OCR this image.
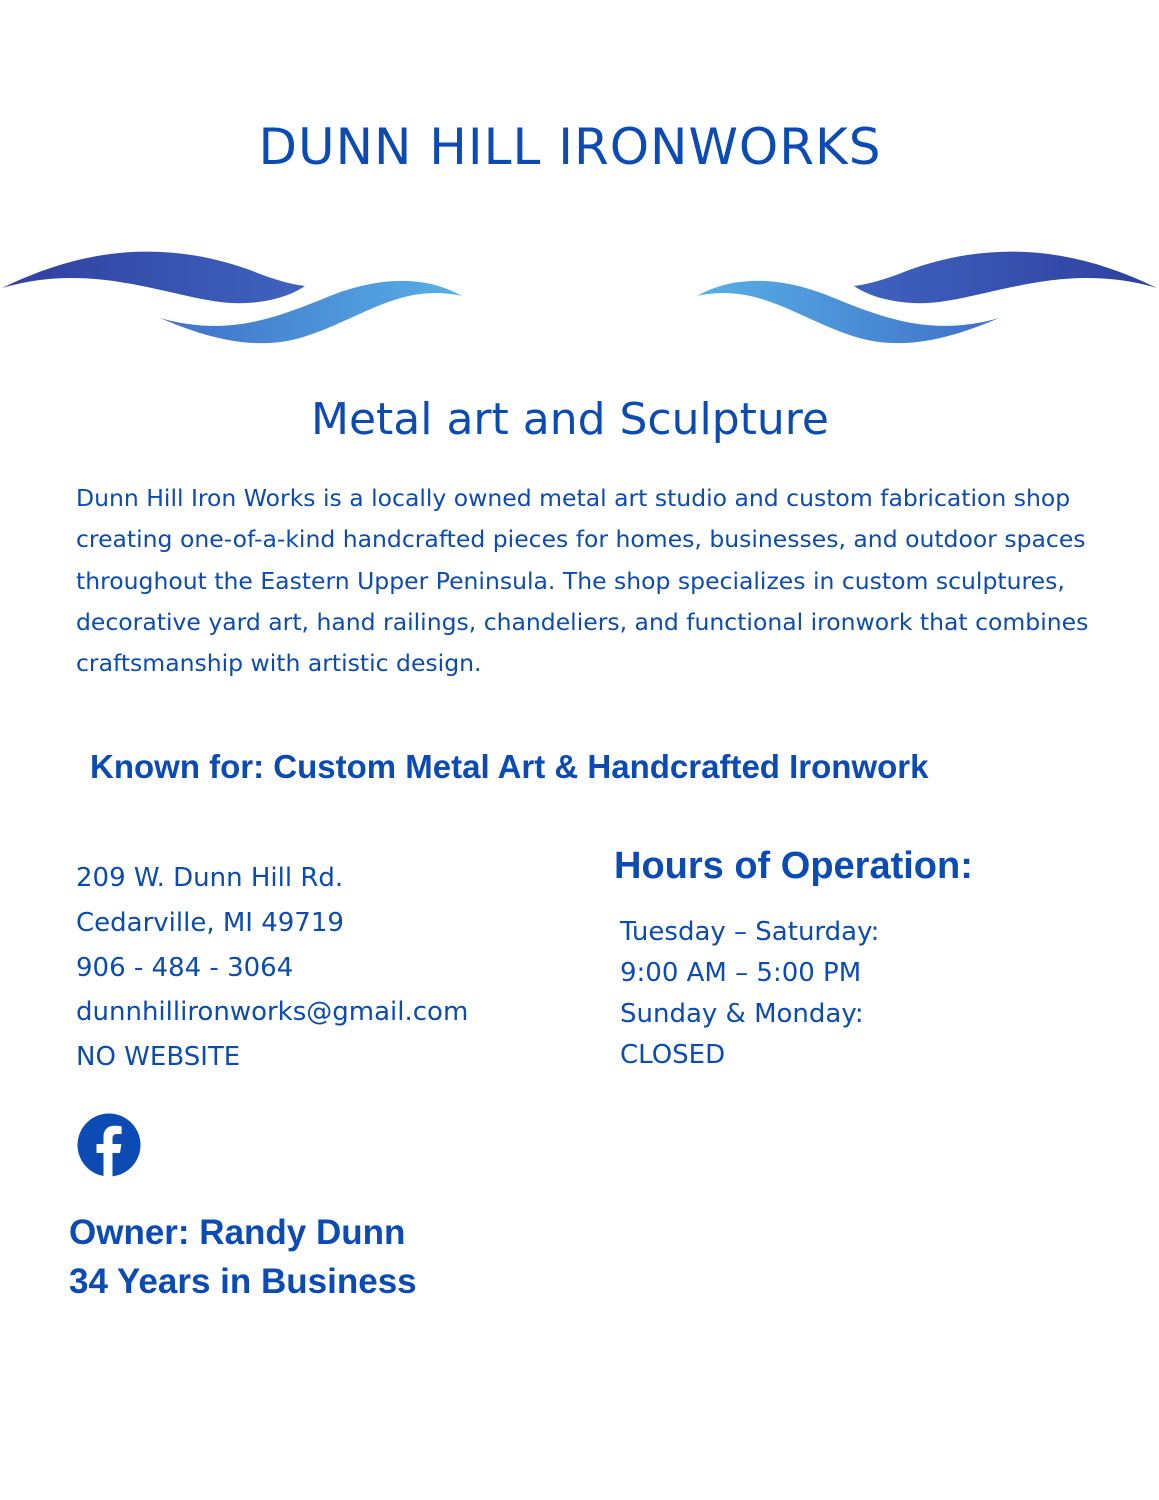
DUNN HILL IRONWORKS
Metal art and Sculpture
Dunn Hill Iron Works is a locally owned metal art studio and custom fabrication shop creating one-of-a-kind handcrafted pieces for homes, businesses, and outdoor spaces throughout the Eastern Upper Peninsula. The shop specializes in custom sculptures, decorative yard art, hand railings, chandeliers, and functional ironwork that combines craftsmanship with artistic design.
Known for: Custom Metal Art & Handcrafted Ironwork
209 W. Dunn Hill Rd.
Cedarville, MI 49719
906 - 484 - 3064
dunnhillironworks@gmail.com
NO WEBSITE
Hours of Operation:
Tuesday – Saturday:
9:00 AM – 5:00 PM
Sunday & Monday:
CLOSED
Owner: Randy Dunn
34 Years in Business
